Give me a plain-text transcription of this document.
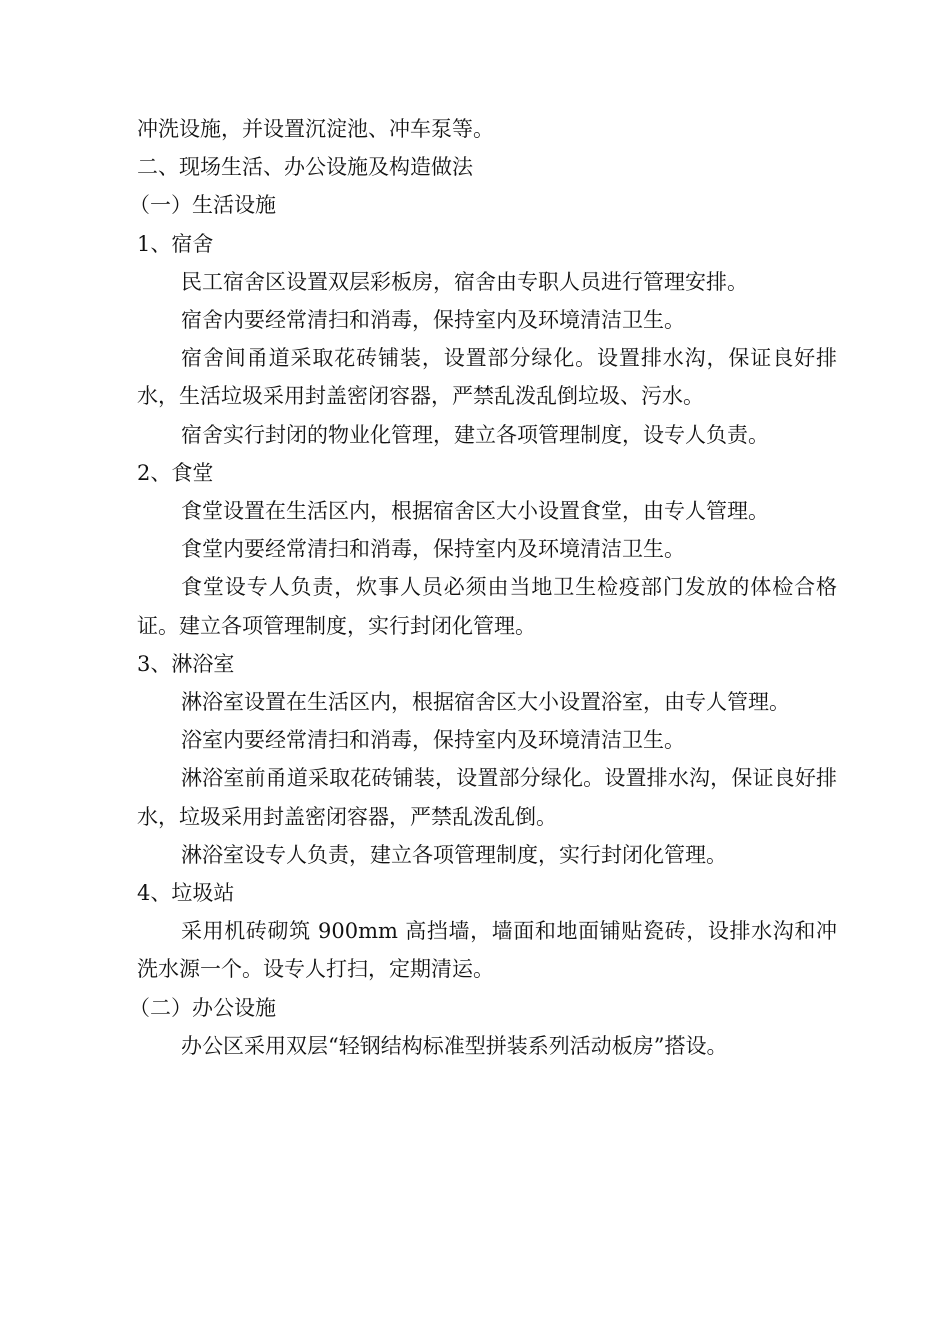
冲洗设施，并设置沉淀池、冲车泵等。

二、现场生活、办公设施及构造做法

（一）生活设施

1、宿舍

民工宿舍区设置双层彩板房，宿舍由专职人员进行管理安排。

宿舍内要经常清扫和消毒，保持室内及环境清洁卫生。

宿舍间甬道采取花砖铺装，设置部分绿化。设置排水沟，保证良好排水，生活垃圾采用封盖密闭容器，严禁乱泼乱倒垃圾、污水。

宿舍实行封闭的物业化管理，建立各项管理制度，设专人负责。

2、食堂

食堂设置在生活区内，根据宿舍区大小设置食堂，由专人管理。

食堂内要经常清扫和消毒，保持室内及环境清洁卫生。

食堂设专人负责，炊事人员必须由当地卫生检疫部门发放的体检合格证。建立各项管理制度，实行封闭化管理。

3、淋浴室

淋浴室设置在生活区内，根据宿舍区大小设置浴室，由专人管理。

浴室内要经常清扫和消毒，保持室内及环境清洁卫生。

淋浴室前甬道采取花砖铺装，设置部分绿化。设置排水沟，保证良好排水，垃圾采用封盖密闭容器，严禁乱泼乱倒。

淋浴室设专人负责，建立各项管理制度，实行封闭化管理。

4、垃圾站

采用机砖砌筑 900mm 高挡墙，墙面和地面铺贴瓷砖，设排水沟和冲洗水源一个。设专人打扫，定期清运。

（二）办公设施

办公区采用双层“轻钢结构标准型拼装系列活动板房”搭设。
